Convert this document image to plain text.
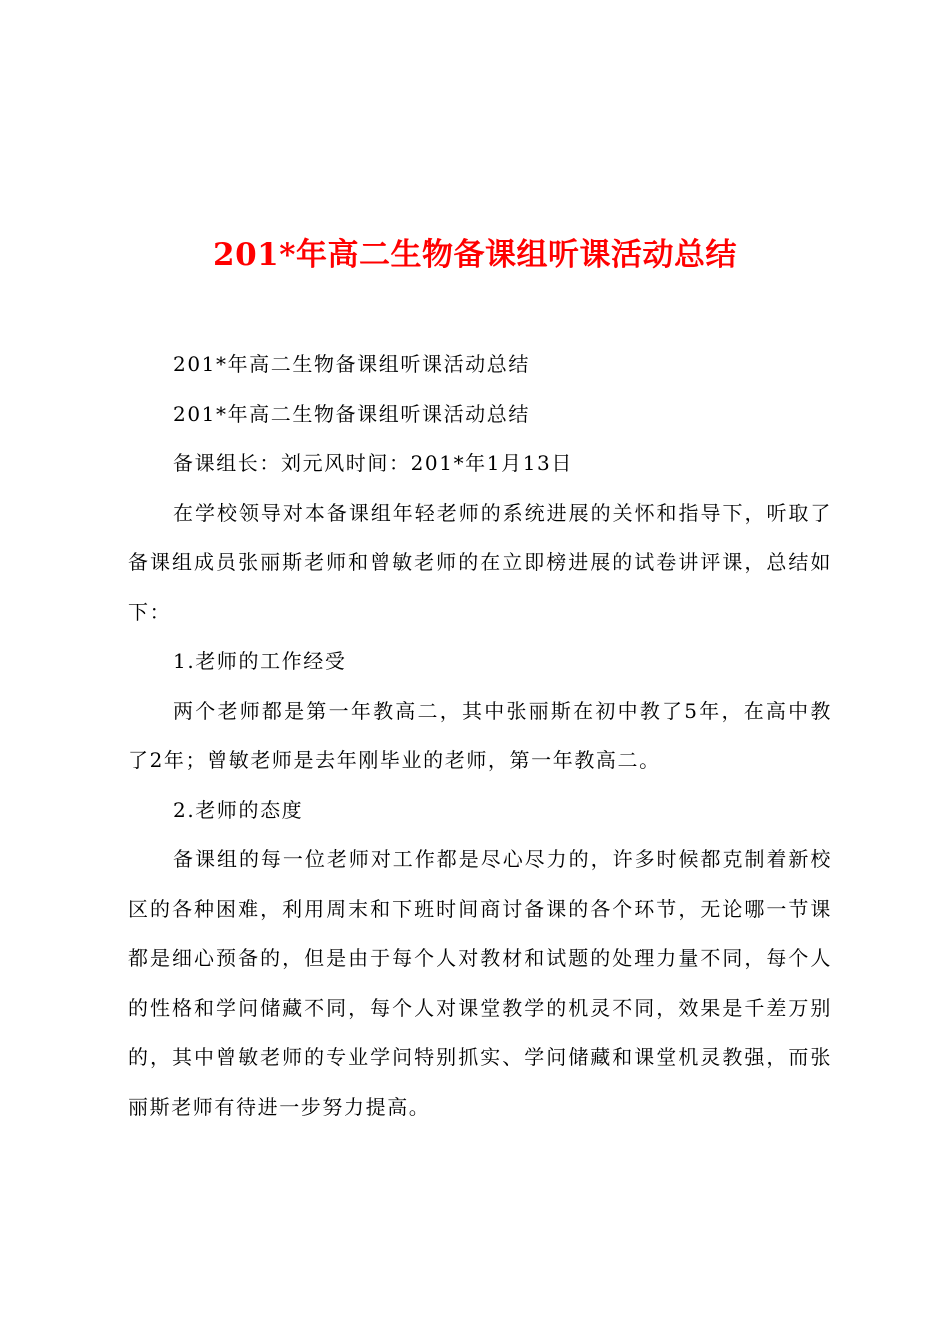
201*年高二生物备课组听课活动总结

201*年高二生物备课组听课活动总结

201*年高二生物备课组听课活动总结

备课组长：刘元风时间：201*年1月13日

在学校领导对本备课组年轻老师的系统进展的关怀和指导下，听取了备课组成员张丽斯老师和曾敏老师的在立即榜进展的试卷讲评课，总结如下：

1.老师的工作经受

两个老师都是第一年教高二，其中张丽斯在初中教了5年，在高中教了2年；曾敏老师是去年刚毕业的老师，第一年教高二。

2.老师的态度

备课组的每一位老师对工作都是尽心尽力的，许多时候都克制着新校区的各种困难，利用周末和下班时间商讨备课的各个环节，无论哪一节课都是细心预备的，但是由于每个人对教材和试题的处理力量不同，每个人的性格和学问储藏不同，每个人对课堂教学的机灵不同，效果是千差万别的，其中曾敏老师的专业学问特别抓实、学问储藏和课堂机灵教强，而张丽斯老师有待进一步努力提高。
